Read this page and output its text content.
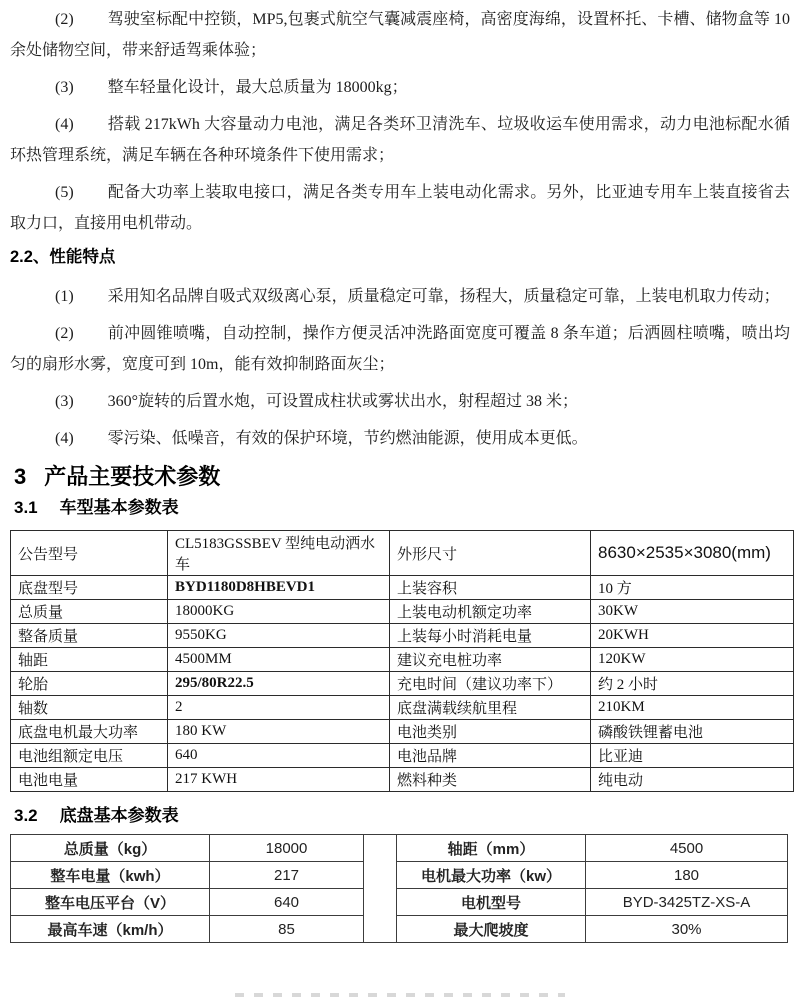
(2) 驾驶室标配中控锁，MP5,包裹式航空气囊减震座椅，高密度海绵，设置杯托、卡槽、储物盒等 10 余处储物空间，带来舒适驾乘体验；

(3) 整车轻量化设计，最大总质量为 18000kg；

(4) 搭载 217kWh 大容量动力电池，满足各类环卫清洗车、垃圾收运车使用需求，动力电池标配水循环热管理系统，满足车辆在各种环境条件下使用需求；

(5) 配备大功率上装取电接口，满足各类专用车上装电动化需求。另外，比亚迪专用车上装直接省去取力口，直接用电机带动。

2.2、性能特点

(1) 采用知名品牌自吸式双级离心泵，质量稳定可靠，扬程大，质量稳定可靠，上装电机取力传动；

(2) 前冲圆锥喷嘴，自动控制，操作方便灵活冲洗路面宽度可覆盖 8 条车道；后洒圆柱喷嘴，喷出均匀的扇形水雾，宽度可到 10m，能有效抑制路面灰尘；

(3) 360°旋转的后置水炮，可设置成柱状或雾状出水，射程超过 38 米；

(4) 零污染、低噪音，有效的保护环境，节约燃油能源，使用成本更低。

3 产品主要技术参数
3.1 车型基本参数表
公告型号	CL5183GSSBEV 型纯电动洒水车	外形尺寸	8630×2535×3080(mm)
底盘型号	BYD1180D8HBEVD1	上装容积	10 方
总质量	18000KG	上装电动机额定功率	30KW
整备质量	9550KG	上装每小时消耗电量	20KWH
轴距	4500MM	建议充电桩功率	120KW
轮胎	295/80R22.5	充电时间（建议功率下）	约 2 小时
轴数	2	底盘满载续航里程	210KM
底盘电机最大功率	180 KW	电池类别	磷酸铁锂蓄电池
电池组额定电压	640	电池品牌	比亚迪
电池电量	217 KWH	燃料种类	纯电动
3.2 底盘基本参数表
总质量（kg）	18000		轴距（mm）	4500
整车电量（kwh）	217		电机最大功率（kw）	180
整车电压平台（V）	640		电机型号	BYD-3425TZ-XS-A
最高车速（km/h）	85		最大爬坡度	30%
